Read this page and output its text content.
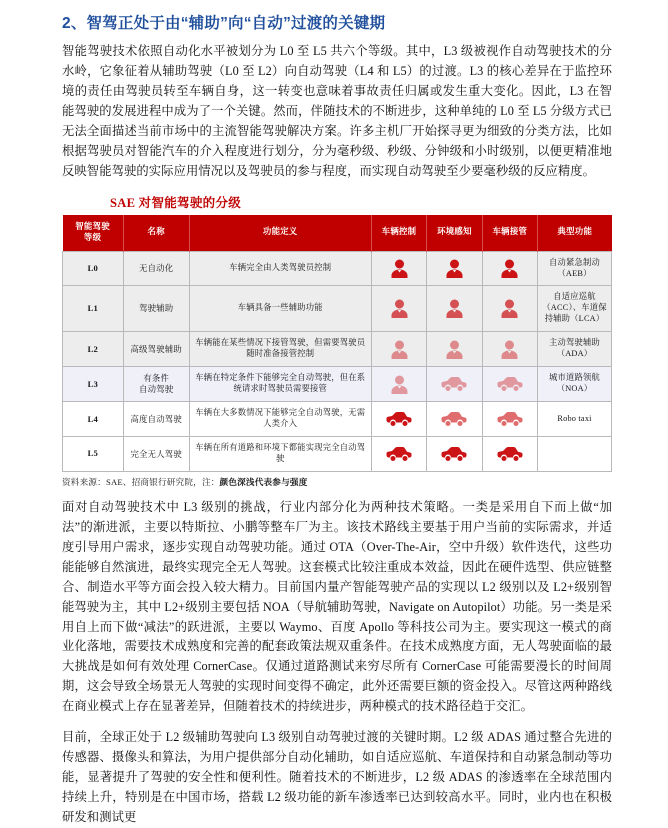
2、智驾正处于由“辅助”向“自动”过渡的关键期

智能驾驶技术依照自动化水平被划分为 L0 至 L5 共六个等级。其中，L3 级被视作自动驾驶技术的分水岭，它象征着从辅助驾驶（L0 至 L2）向自动驾驶（L4 和 L5）的过渡。L3 的核心差异在于监控环境的责任由驾驶员转至车辆自身，这一转变也意味着事故责任归属或发生重大变化。因此，L3 在智能驾驶的发展进程中成为了一个关键。然而，伴随技术的不断进步，这种单纯的 L0 至 L5 分级方式已无法全面描述当前市场中的主流智能驾驶解决方案。许多主机厂开始探寻更为细致的分类方法，比如根据驾驶员对智能汽车的介入程度进行划分，分为毫秒级、秒级、分钟级和小时级别，以便更精准地反映智能驾驶的实际应用情况以及驾驶员的参与程度，而实现自动驾驶至少要毫秒级的反应精度。

SAE 对智能驾驶的分级
智能驾驶
等级	名称	功能定义	车辆控制	环境感知	车辆接管	典型功能
L0	无自动化	车辆完全由人类驾驶员控制				自动紧急制动
（AEB）
L1	驾驶辅助	车辆具备一些辅助功能				自适应巡航
（ACC）、车道保持辅助（LCA）
L2	高级驾驶辅助	车辆能在某些情况下接管驾驶，但需要驾驶员随时准备接管控制				主动驾驶辅助
（ADA）
L3	有条件
自动驾驶	车辆在特定条件下能够完全自动驾驶，但在系统请求时驾驶员需要接管				城市道路领航
（NOA）
L4	高度自动驾驶	车辆在大多数情况下能够完全自动驾驶，无需人类介入				Robo taxi
L5	完全无人驾驶	车辆在所有道路和环境下都能实现完全自动驾驶	

资料来源：SAE、招商银行研究院，注：颜色深浅代表参与强度

面对自动驾驶技术中 L3 级别的挑战，行业内部分化为两种技术策略。一类是采用自下而上做“加法”的渐进派，主要以特斯拉、小鹏等整车厂为主。该技术路线主要基于用户当前的实际需求，并适度引导用户需求，逐步实现自动驾驶功能。通过 OTA（Over-The-Air，空中升级）软件迭代，这些功能能够自然演进，最终实现完全无人驾驶。这套模式比较注重成本效益，因此在硬件选型、供应链整合、制造水平等方面会投入较大精力。目前国内量产智能驾驶产品的实现以 L2 级别以及 L2+级别智能驾驶为主，其中 L2+级别主要包括 NOA（导航辅助驾驶，Navigate on Autopilot）功能。另一类是采用自上而下做“减法”的跃进派，主要以 Waymo、百度 Apollo 等科技公司为主。要实现这一模式的商业化落地，需要技术成熟度和完善的配套政策法规双重条件。在技术成熟度方面，无人驾驶面临的最大挑战是如何有效处理 CornerCase。仅通过道路测试来穷尽所有 CornerCase 可能需要漫长的时间周期，这会导致全场景无人驾驶的实现时间变得不确定，此外还需要巨额的资金投入。尽管这两种路线在商业模式上存在显著差异，但随着技术的持续进步，两种模式的技术路径趋于交汇。

目前，全球正处于 L2 级辅助驾驶向 L3 级别自动驾驶过渡的关键时期。L2 级 ADAS 通过整合先进的传感器、摄像头和算法，为用户提供部分自动化辅助，如自适应巡航、车道保持和自动紧急制动等功能，显著提升了驾驶的安全性和便利性。随着技术的不断进步，L2 级 ADAS 的渗透率在全球范围内持续上升，特别是在中国市场，搭载 L2 级功能的新车渗透率已达到较高水平。同时，业内也在积极研发和测试更
